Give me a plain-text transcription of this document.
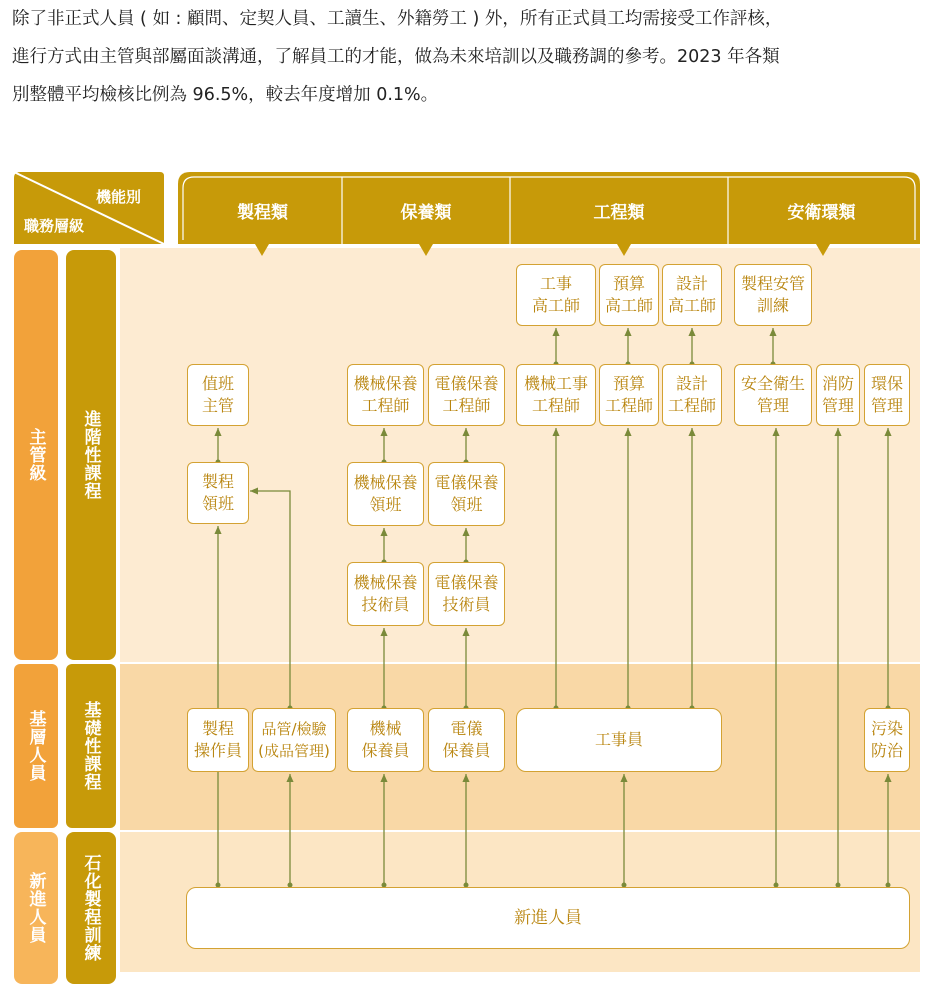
除了非正式人員 ( 如 : 顧問、定契人員、工讀生、外籍勞工 ) 外，所有正式員工均需接受工作評核，

進行方式由主管與部屬面談溝通，了解員工的才能，做為未來培訓以及職務調的參考。2023 年各類

別整體平均檢核比例為 96.5%，較去年度增加 0.1%。

機能別
職務層級
製程類	保養類	工程類	安衛環類
主管級
基層人員
新進人員
進階性課程
基礎性課程
石化製程訓練
值班
主管
製程
領班
製程
操作員
品管/檢驗
(成品管理)
機械保養
工程師
電儀保養
工程師
機械保養
領班
電儀保養
領班
機械保養
技術員
電儀保養
技術員
機械
保養員
電儀
保養員
工事
高工師
預算
高工師
設計
高工師
機械工事
工程師
預算
工程師
設計
工程師
工事員
製程安管
訓練
安全衛生
管理
消防
管理
環保
管理
污染
防治
新進人員
